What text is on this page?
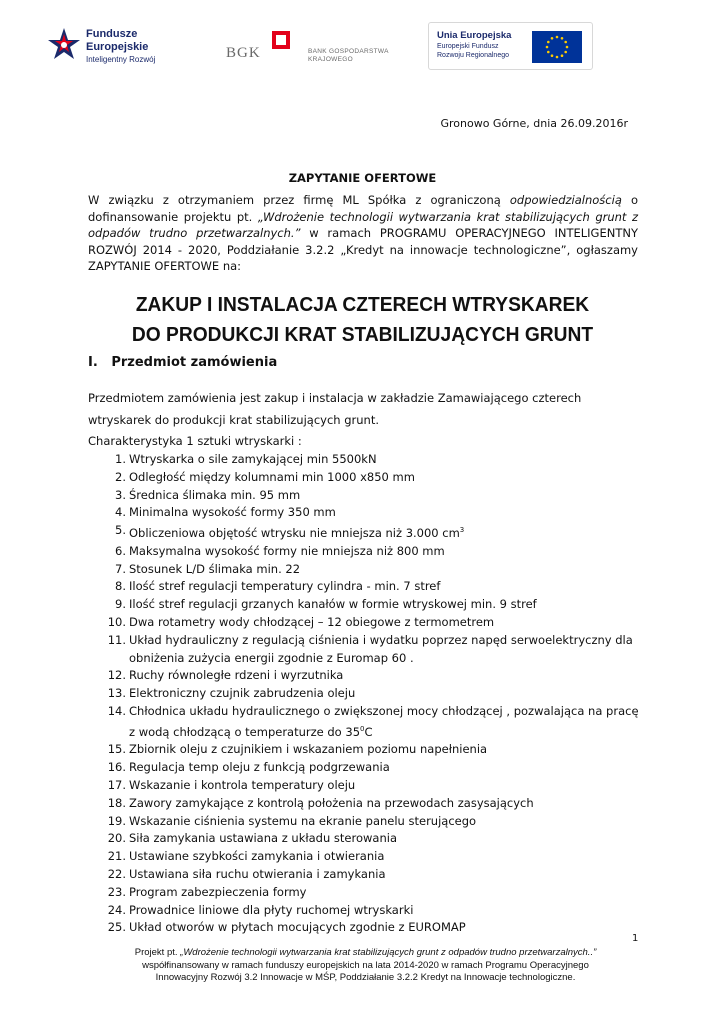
Fundusze
Europejskie
Inteligentny Rozwój	BGK	BANK GOSPODARSTWA
KRAJOWEGO
Unia Europejska
Europejski Fundusz
Rozwoju Regionalnego
Gronowo Górne, dnia 26.09.2016r
ZAPYTANIE OFERTOWE
W związku z otrzymaniem przez firmę ML Spółka z ograniczoną odpowiedzialnością o dofinansowanie projektu pt. „Wdrożenie technologii wytwarzania krat stabilizujących grunt z odpadów trudno przetwarzalnych.” w ramach PROGRAMU OPERACYJNEGO INTELIGENTNY ROZWÓJ 2014 - 2020, Poddziałanie 3.2.2 „Kredyt na innowacje technologiczne”, ogłaszamy ZAPYTANIE OFERTOWE na:
ZAKUP I INSTALACJA CZTERECH WTRYSKAREK
DO PRODUKCJI KRAT STABILIZUJĄCYCH GRUNT
I.   Przedmiot zamówienia
Przedmiotem zamówienia jest zakup i instalacja w zakładzie Zamawiającego czterech wtryskarek do produkcji krat stabilizujących grunt.
Charakterystyka 1 sztuki wtryskarki :
1. Wtryskarka o sile zamykającej min 5500kN
2. Odległość między kolumnami min 1000 x850 mm
3. Średnica ślimaka min. 95 mm
4. Minimalna wysokość formy 350 mm
5. Obliczeniowa objętość wtrysku nie mniejsza niż 3.000 $cm^3$
6. Maksymalna wysokość formy nie mniejsza niż 800 mm
7. Stosunek L/D ślimaka min. 22
8. Ilość stref regulacji temperatury cylindra - min. 7 stref
9. Ilość stref regulacji grzanych kanałów w formie wtryskowej min. 9 stref
10. Dwa rotametry wody chłodzącej – 12 obiegowe z termometrem
11. Układ hydrauliczny z regulacją ciśnienia i wydatku poprzez napęd serwoelektryczny dla obniżenia zużycia energii zgodnie z Euromap 60 .
12. Ruchy równoległe rdzeni i wyrzutnika
13. Elektroniczny czujnik zabrudzenia oleju
14. Chłodnica układu hydraulicznego o zwiększonej mocy chłodzącej , pozwalająca na pracę z wodą chłodzącą o temperaturze do $35^0C$
15. Zbiornik oleju z czujnikiem i wskazaniem poziomu napełnienia
16. Regulacja temp oleju z funkcją podgrzewania
17. Wskazanie i kontrola temperatury oleju
18. Zawory zamykające z kontrolą położenia na przewodach zasysających
19. Wskazanie ciśnienia systemu na ekranie panelu sterującego
20. Siła zamykania ustawiana z układu sterowania
21. Ustawiane szybkości zamykania i otwierania
22. Ustawiana siła ruchu otwierania i zamykania
23. Program zabezpieczenia formy
24. Prowadnice liniowe dla płyty ruchomej wtryskarki
25. Układ otworów w płytach mocujących zgodnie z EUROMAP
1
Projekt pt. „Wdrożenie technologii wytwarzania krat stabilizujących grunt z odpadów trudno przetwarzalnych..”
współfinansowany w ramach funduszy europejskich na lata 2014-2020 w ramach Programu Operacyjnego
Innowacyjny Rozwój 3.2 Innowacje w MŚP, Poddziałanie 3.2.2 Kredyt na Innowacje technologiczne.
